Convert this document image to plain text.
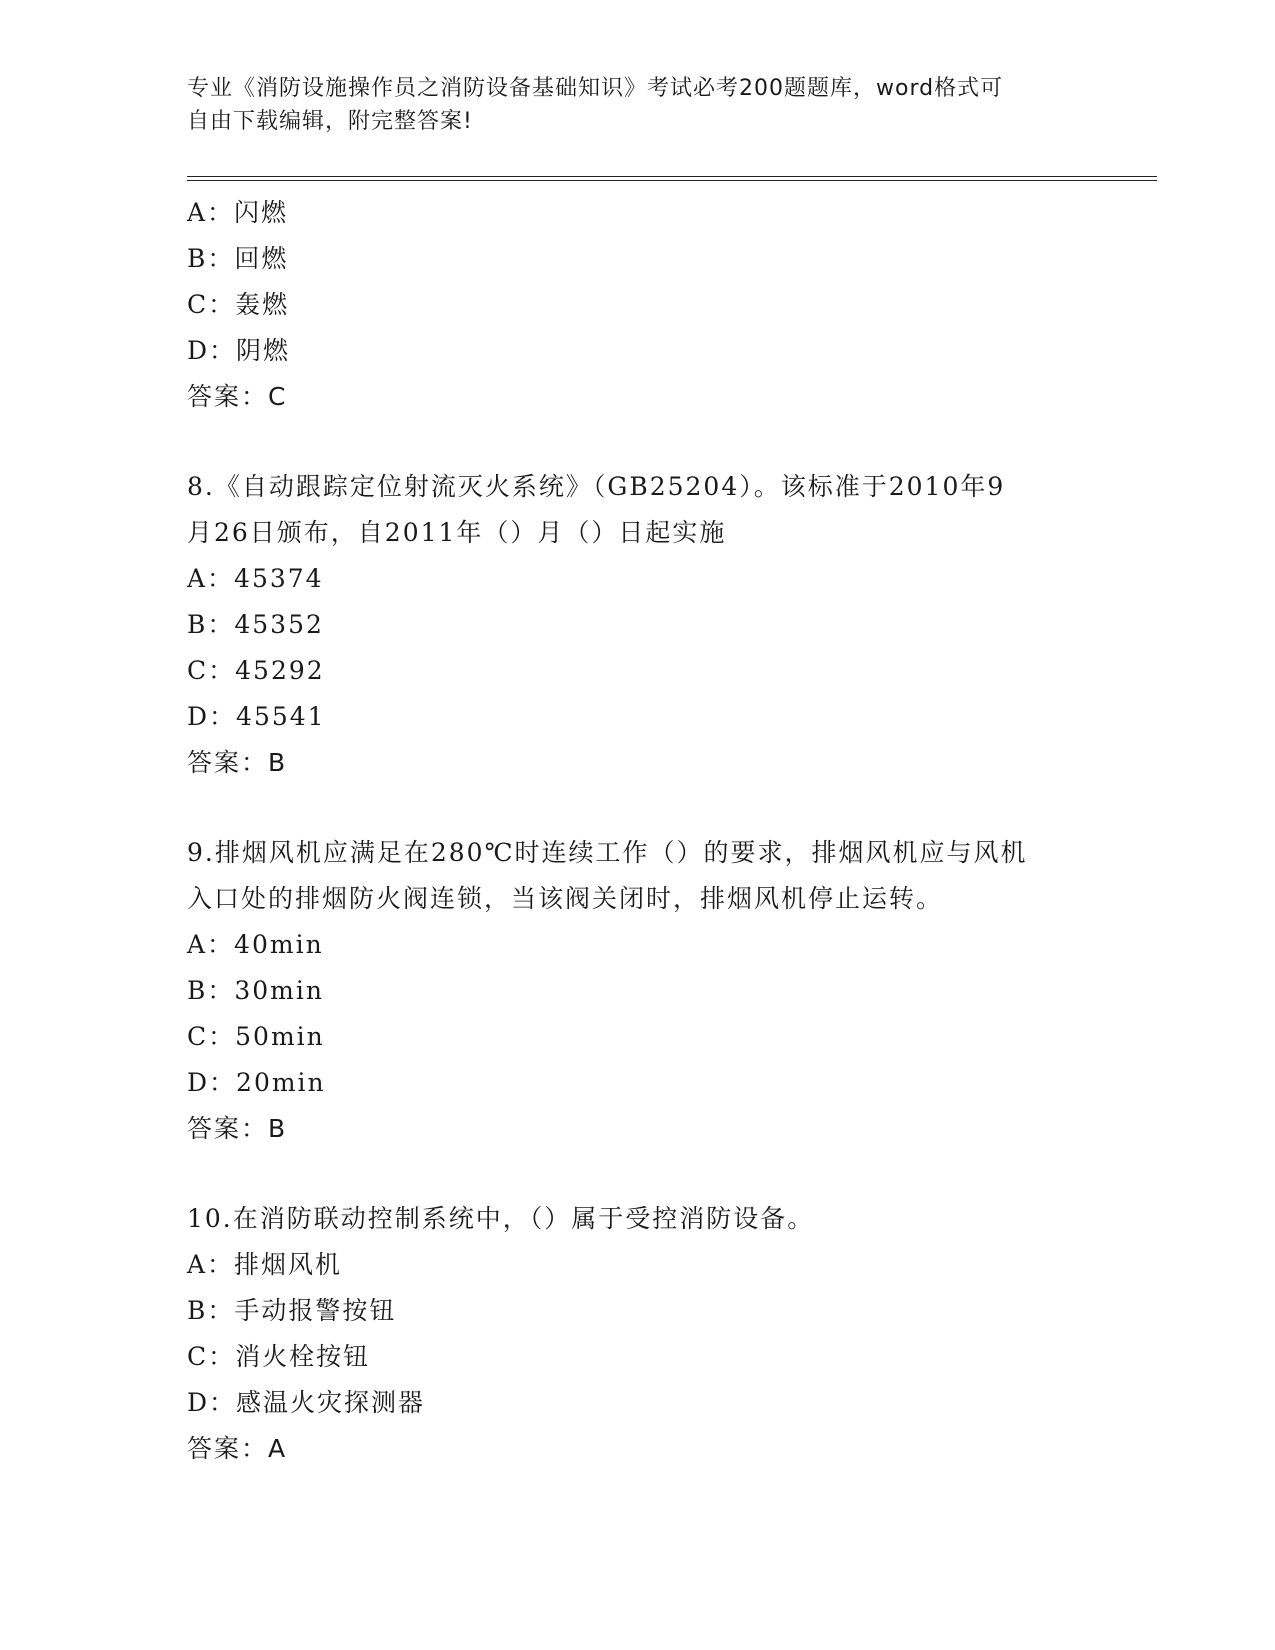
专业《消防设施操作员之消防设备基础知识》考试必考200题题库，word格式可
自由下载编辑，附完整答案!
A：闪燃
B：回燃
C：轰燃
D：阴燃
答案：C
8.《自动跟踪定位射流灭火系统》（GB25204）。该标准于2010年9
月26日颁布，自2011年（）月（）日起实施
A：45374
B：45352
C：45292
D：45541
答案：B
9.排烟风机应满足在280℃时连续工作（）的要求，排烟风机应与风机
入口处的排烟防火阀连锁，当该阀关闭时，排烟风机停止运转。
A：40min
B：30min
C：50min
D：20min
答案：B
10.在消防联动控制系统中，（）属于受控消防设备。
A：排烟风机
B：手动报警按钮
C：消火栓按钮
D：感温火灾探测器
答案：A
